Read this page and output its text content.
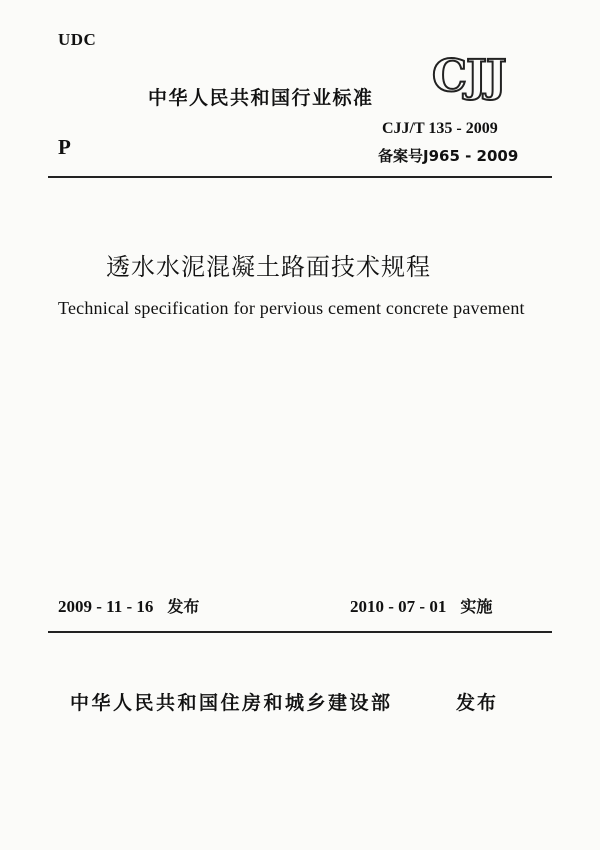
UDC
中华人民共和国行业标准 CJJ
P
CJJ/T 135 - 2009
备案号J965 - 2009
透水水泥混凝土路面技术规程
Technical specification for pervious cement concrete pavement
2009 - 11 - 16 发布	2010 - 07 - 01 实施
中华人民共和国住房和城乡建设部	发布
